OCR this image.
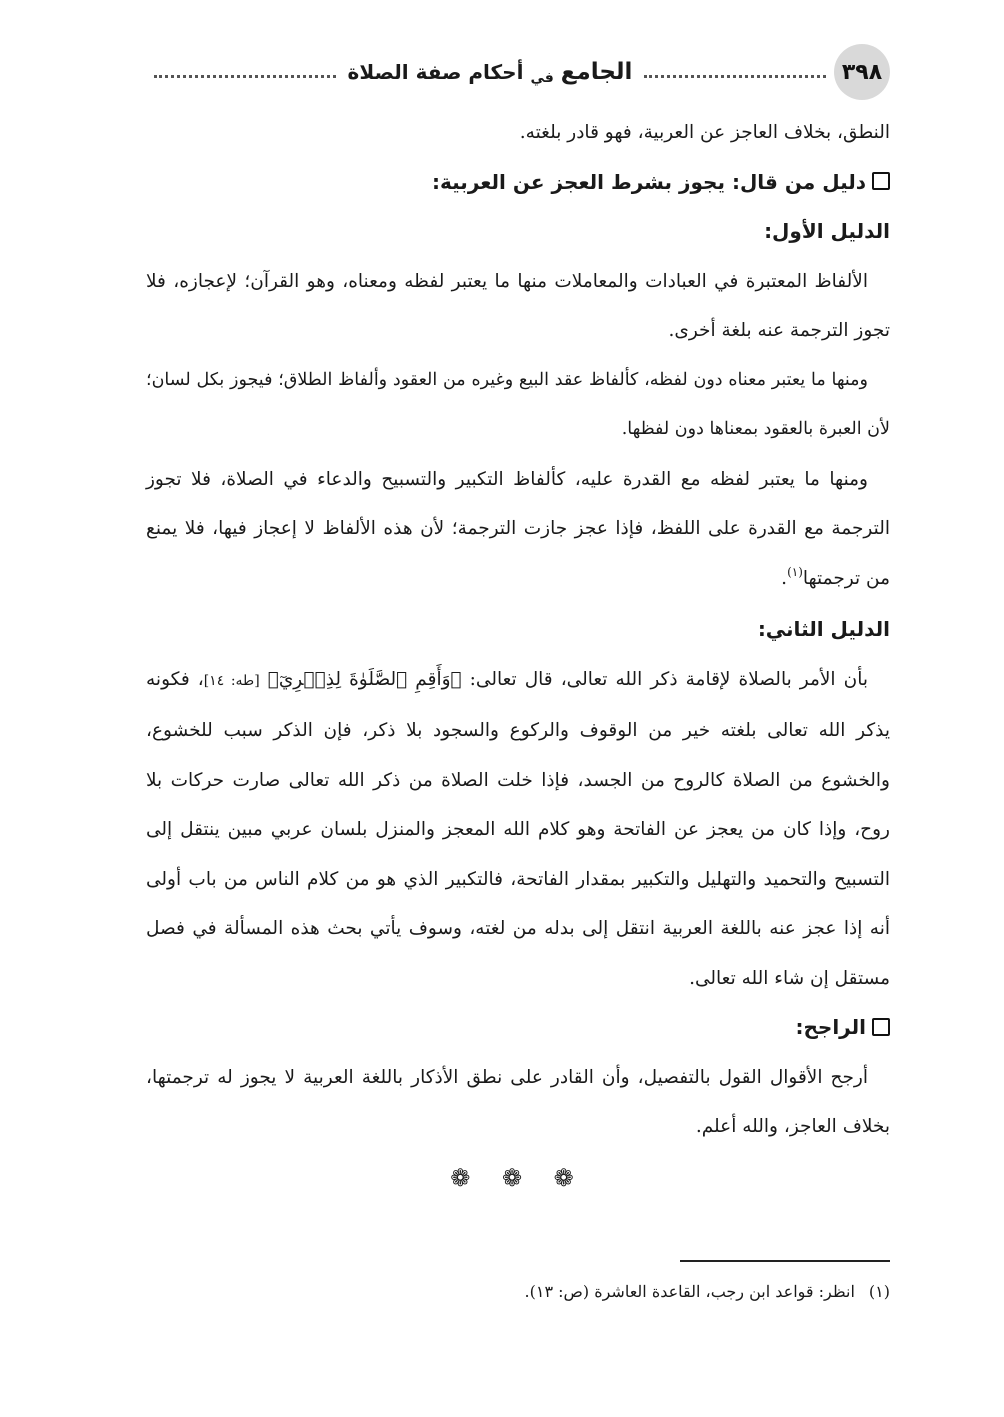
٣٩٨
الجامع في أحكام صفة الصلاة

النطق، بخلاف العاجز عن العربية، فهو قادر بلغته.

دليل من قال: يجوز بشرط العجز عن العربية:

الدليل الأول:

الألفاظ المعتبرة في العبادات والمعاملات منها ما يعتبر لفظه ومعناه، وهو القرآن؛ لإعجازه، فلا تجوز الترجمة عنه بلغة أخرى.

ومنها ما يعتبر معناه دون لفظه، كألفاظ عقد البيع وغيره من العقود وألفاظ الطلاق؛ فيجوز بكل لسان؛ لأن العبرة بالعقود بمعناها دون لفظها.

ومنها ما يعتبر لفظه مع القدرة عليه، كألفاظ التكبير والتسبيح والدعاء في الصلاة، فلا تجوز الترجمة مع القدرة على اللفظ، فإذا عجز جازت الترجمة؛ لأن هذه الألفاظ لا إعجاز فيها، فلا يمنع من ترجمتها$^{(١)}$.

الدليل الثاني:

بأن الأمر بالصلاة لإقامة ذكر الله تعالى، قال تعالى: ﴿وَأَقِمِ ٱلصَّلَوٰةَ لِذِكۡرِيٓ﴾ [طه: ١٤]، فكونه يذكر الله تعالى بلغته خير من الوقوف والركوع والسجود بلا ذكر، فإن الذكر سبب للخشوع، والخشوع من الصلاة كالروح من الجسد، فإذا خلت الصلاة من ذكر الله تعالى صارت حركات بلا روح، وإذا كان من يعجز عن الفاتحة وهو كلام الله المعجز والمنزل بلسان عربي مبين ينتقل إلى التسبيح والتحميد والتهليل والتكبير بمقدار الفاتحة، فالتكبير الذي هو من كلام الناس من باب أولى أنه إذا عجز عنه باللغة العربية انتقل إلى بدله من لغته، وسوف يأتي بحث هذه المسألة في فصل مستقل إن شاء الله تعالى.

الراجح:

أرجح الأقوال القول بالتفصيل، وأن القادر على نطق الأذكار باللغة العربية لا يجوز له ترجمتها، بخلاف العاجز، والله أعلم.

❁ ❁ ❁
(١)انظر: قواعد ابن رجب، القاعدة العاشرة (ص: ١٣).
